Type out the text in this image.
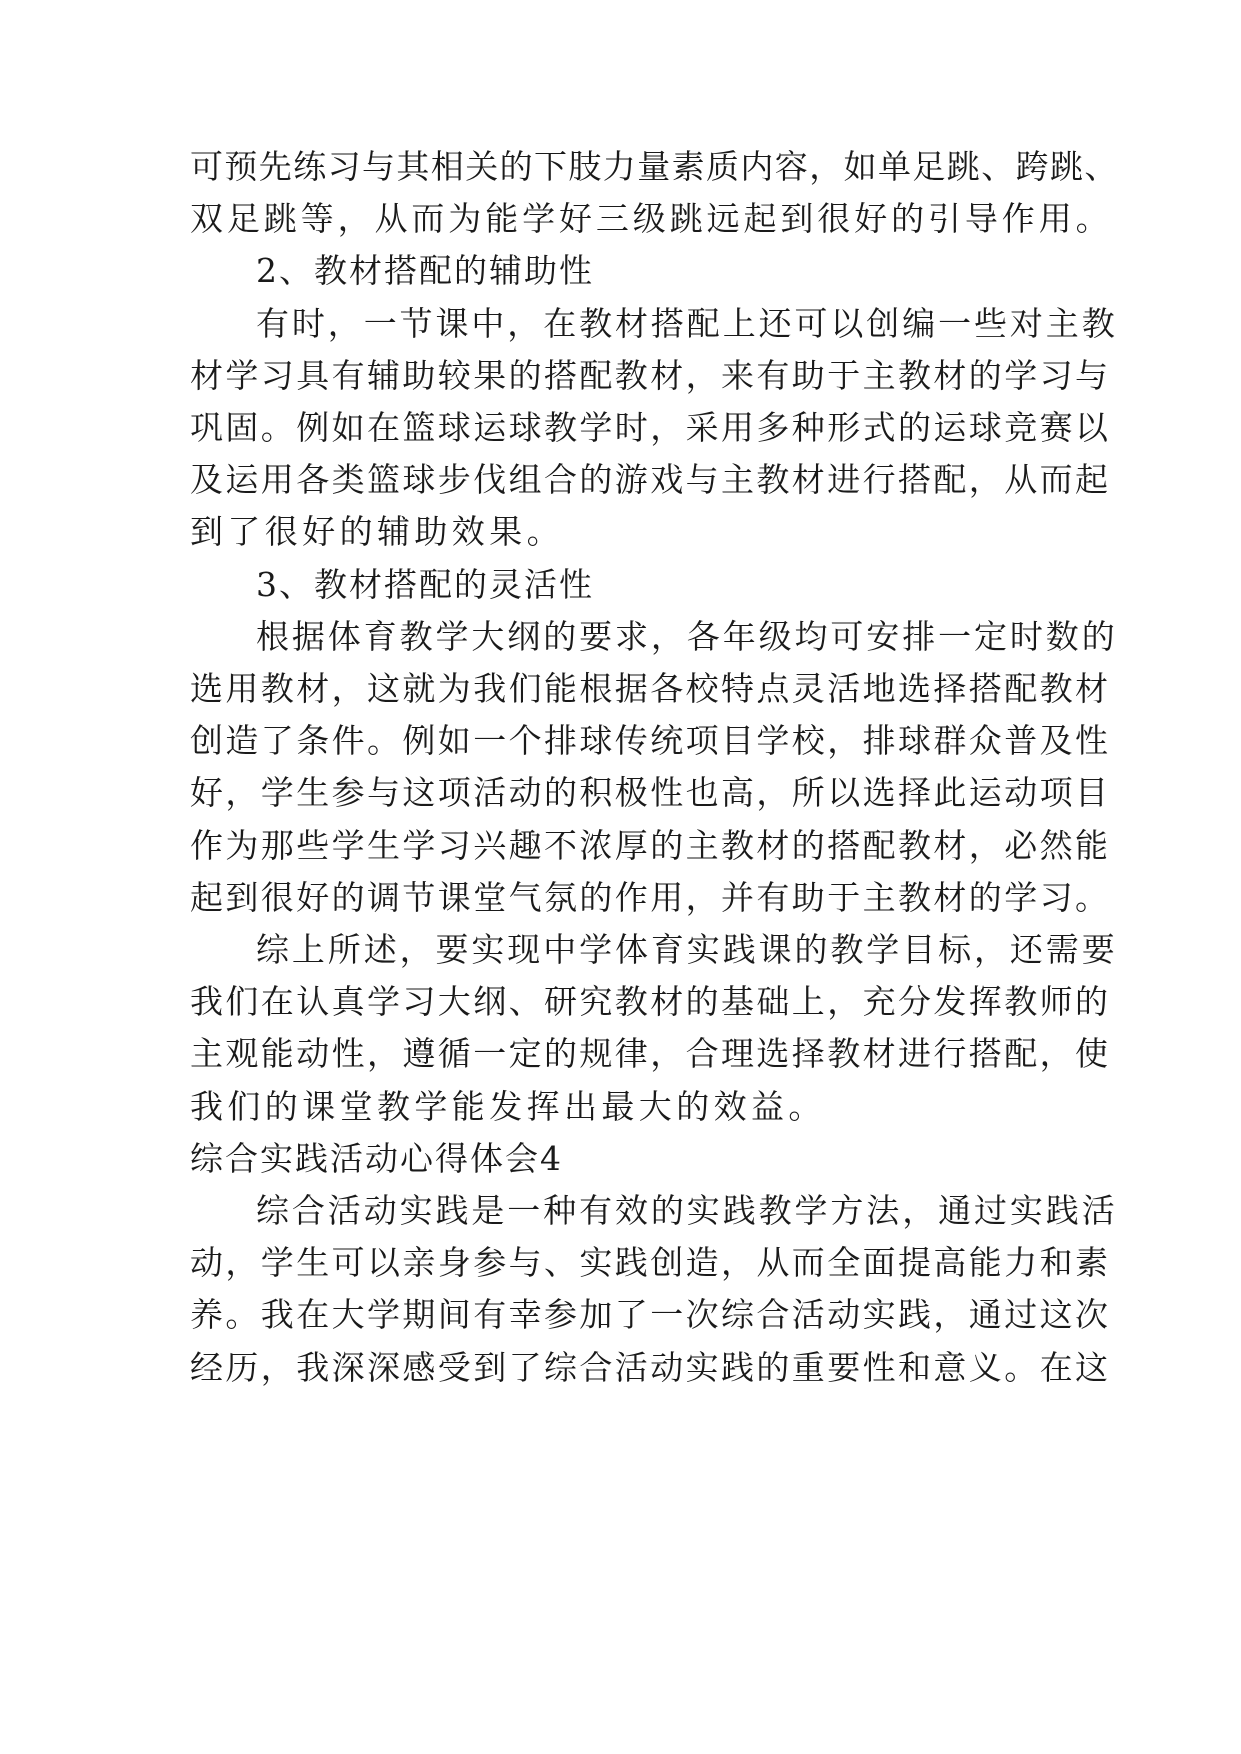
可预先练习与其相关的下肢力量素质内容，如单足跳、跨跳、
双足跳等，从而为能学好三级跳远起到很好的引导作用。
2、教材搭配的辅助性
有时，一节课中，在教材搭配上还可以创编一些对主教
材学习具有辅助较果的搭配教材，来有助于主教材的学习与
巩固。例如在篮球运球教学时，采用多种形式的运球竞赛以
及运用各类篮球步伐组合的游戏与主教材进行搭配，从而起
到了很好的辅助效果。
3、教材搭配的灵活性
根据体育教学大纲的要求，各年级均可安排一定时数的
选用教材，这就为我们能根据各校特点灵活地选择搭配教材
创造了条件。例如一个排球传统项目学校，排球群众普及性
好，学生参与这项活动的积极性也高，所以选择此运动项目
作为那些学生学习兴趣不浓厚的主教材的搭配教材，必然能
起到很好的调节课堂气氛的作用，并有助于主教材的学习。
综上所述，要实现中学体育实践课的教学目标，还需要
我们在认真学习大纲、研究教材的基础上，充分发挥教师的
主观能动性，遵循一定的规律，合理选择教材进行搭配，使
我们的课堂教学能发挥出最大的效益。
综合实践活动心得体会4
综合活动实践是一种有效的实践教学方法，通过实践活
动，学生可以亲身参与、实践创造，从而全面提高能力和素
养。我在大学期间有幸参加了一次综合活动实践，通过这次
经历，我深深感受到了综合活动实践的重要性和意义。在这
